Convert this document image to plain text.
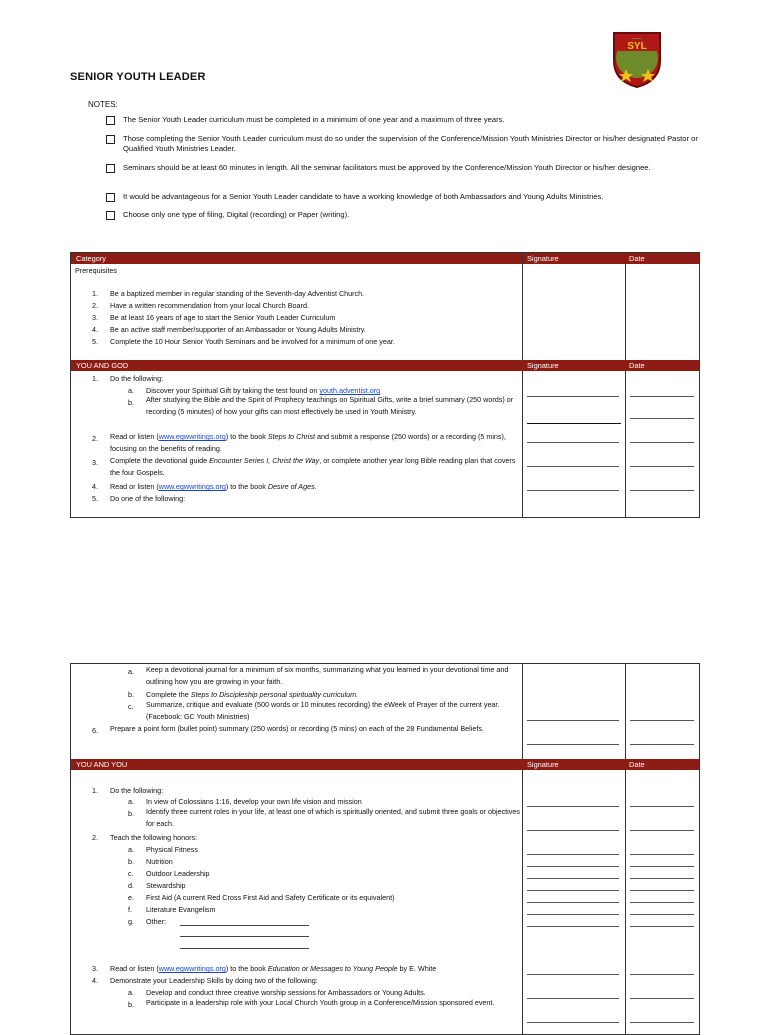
SYL
SENIOR YOUTH LEADER
NOTES:
The Senior Youth Leader curriculum must be completed in a minimum of one year and a maximum of three years.
Those completing the Senior Youth Leader curriculum must do so under the supervision of the Conference/Mission Youth Ministries Director or his/her designated Pastor or Qualified Youth Ministries Leader.
Seminars should be at least 60 minutes in length. All the seminar facilitators must be approved by the Conference/Mission Youth Director or his/her designee.
It would be advantageous for a Senior Youth Leader candidate to have a working knowledge of both Ambassadors and Young Adults Ministries.
Choose only one type of filing, Digital (recording) or Paper (writing).
Category	Signature	Date
Prerequisites
1. Be a baptized member in regular standing of the Seventh-day Adventist Church.
2. Have a written recommendation from your local Church Board.
3. Be at least 16 years of age to start the Senior Youth Leader Curriculum
4. Be an active staff member/supporter of an Ambassador or Young Adults Ministry.
5. Complete the 10 Hour Senior Youth Seminars and be involved for a minimum of one year.
YOU AND GOD	Signature	Date
1. Do the following:
a. Discover your Spiritual Gift by taking the test found on youth.adventist.org
b. After studying the Bible and the Spirit of Prophecy teachings on Spiritual Gifts, write a brief summary (250 words) or recording (5 minutes) of how your gifts can most effectively be used in Youth Ministry.
2. Read or listen (www.egwwritings.org) to the book Steps to Christ and submit a response (250 words) or a recording (5 mins), focusing on the benefits of reading.
3. Complete the devotional guide Encounter Series I, Christ the Way, or complete another year long Bible reading plan that covers the four Gospels.
4. Read or listen (www.egwwritings.org) to the book Desire of Ages.
5. Do one of the following:
a. Keep a devotional journal for a minimum of six months, summarizing what you learned in your devotional time and outlining how you are growing in your faith.
b. Complete the Steps to Discipleship personal spirituality curriculum.
c. Summarize, critique and evaluate (500 words or 10 minutes recording) the eWeek of Prayer of the current year. (Facebook: GC Youth Ministries)
6. Prepare a point form (bullet point) summary (250 words) or recording (5 mins) on each of the 28 Fundamental Beliefs.
YOU AND YOU	Signature	Date
1. Do the following:
a. In view of Colossians 1:16, develop your own life vision and mission
b. Identify three current roles in your life, at least one of which is spiritually oriented, and submit three goals or objectives for each.
2. Teach the following honors:
a. Physical Fitness
b. Nutrition
c. Outdoor Leadership
d. Stewardship
e. First Aid (A current Red Cross First Aid and Safety Certificate or its equivalent)
f. Literature Evangelism
g. Other:
3. Read or listen (www.egwwritings.org) to the book Education or Messages to Young People by E. White
4. Demonstrate your Leadership Skills by doing two of the following:
a. Develop and conduct three creative worship sessions for Ambassadors or Young Adults.
b. Participate in a leadership role with your Local Church Youth group in a Conference/Mission sponsored event.
